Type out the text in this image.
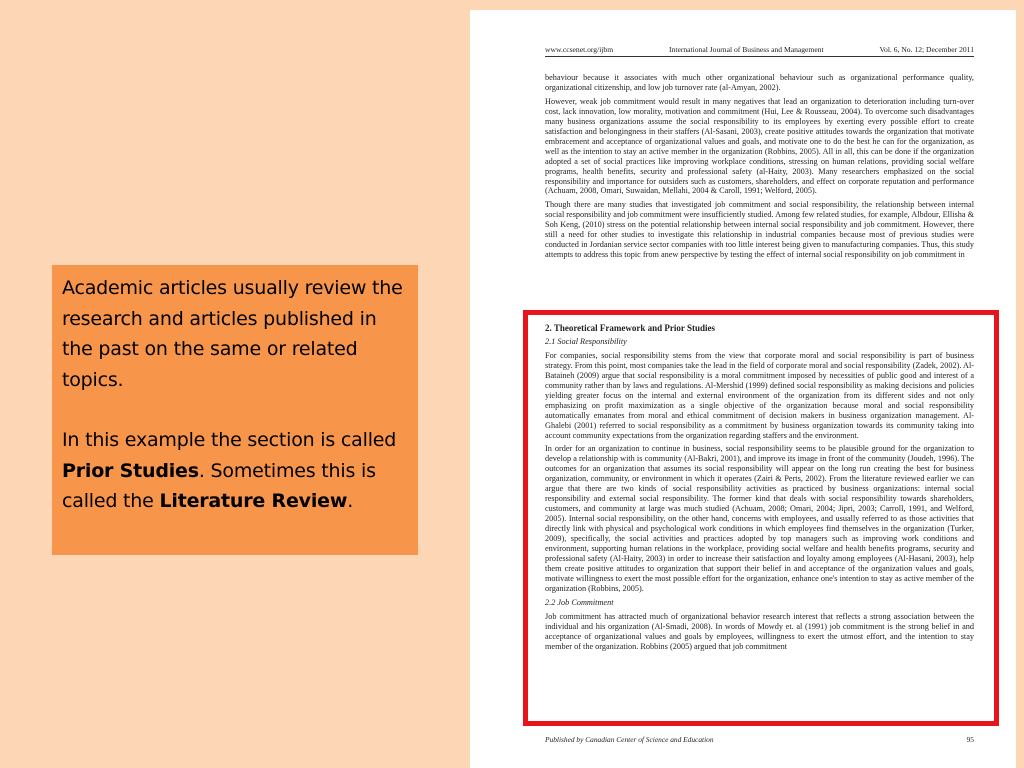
Academic articles usually review the research and articles published in the past on the same or related topics.

In this example the section is called Prior Studies. Sometimes this is called the Literature Review.

www.ccsenet.org/ijbm	International Journal of Business and Management	Vol. 6, No. 12; December 2011

behaviour because it associates with much other organizational behaviour such as organizational performance quality, organizational citizenship, and low job turnover rate (al-Amyan, 2002).

However, weak job commitment would result in many negatives that lead an organization to deterioration including turn-over cost, lack innovation, low morality, motivation and commitment (Hui, Lee & Rousseau, 2004). To overcome such disadvantages many business organizations assume the social responsibility to its employees by exerting every possible effort to create satisfaction and belongingness in their staffers (Al-Sasani, 2003), create positive attitudes towards the organization that motivate embracement and acceptance of organizational values and goals, and motivate one to do the best he can for the organization, as well as the intention to stay an active member in the organization (Robbins, 2005). All in all, this can be done if the organization adopted a set of social practices like improving workplace conditions, stressing on human relations, providing social welfare programs, health benefits, security and professional safety (al-Haity, 2003). Many researchers emphasized on the social responsibility and importance for outsiders such as customers, shareholders, and effect on corporate reputation and performance (Achuam, 2008, Omari, Suwaidan, Mellahi, 2004 & Caroll, 1991; Welford, 2005).

Though there are many studies that investigated job commitment and social responsibility, the relationship between internal social responsibility and job commitment were insufficiently studied. Among few related studies, for example, Albdour, Ellisha & Soh Keng, (2010) stress on the potential relationship between internal social responsibility and job commitment. However, there still a need for other studies to investigate this relationship in industrial companies because most of previous studies were conducted in Jordanian service sector companies with too little interest being given to manufacturing companies. Thus, this study attempts to address this topic from anew perspective by testing the effect of internal social responsibility on job commitment in

2. Theoretical Framework and Prior Studies
2.1 Social Responsibility

For companies, social responsibility stems from the view that corporate moral and social responsibility is part of business strategy. From this point, most companies take the lead in the field of corporate moral and social responsibility (Zadek, 2002). Al-Bataineh (2009) argue that social responsibility is a moral commitment imposed by necessities of public good and interest of a community rather than by laws and regulations. Al-Mershid (1999) defined social responsibility as making decisions and policies yielding greater focus on the internal and external environment of the organization from its different sides and not only emphasizing on profit maximization as a single objective of the organization because moral and social responsibility automatically emanates from moral and ethical commitment of decision makers in business organization management. Al-Ghalebi (2001) referred to social responsibility as a commitment by business organization towards its community taking into account community expectations from the organization regarding staffers and the environment.

In order for an organization to continue in business, social responsibility seems to be plausible ground for the organization to develop a relationship with is community (Al-Bakri, 2001), and improve its image in front of the community (Joudeh, 1996). The outcomes for an organization that assumes its social responsibility will appear on the long run creating the best for business organization, community, or environment in which it operates (Zairi & Perts, 2002). From the literature reviewed earlier we can argue that there are two kinds of social responsibility activities as practiced by business organizations: internal social responsibility and external social responsibility. The former kind that deals with social responsibility towards shareholders, customers, and community at large was much studied (Achuam, 2008; Omari, 2004; Jipri, 2003; Carroll, 1991, and Welford, 2005). Internal social responsibility, on the other hand, concerns with employees, and usually referred to as those activities that directly link with physical and psychological work conditions in which employees find themselves in the organization (Turker, 2009), specifically, the social activities and practices adopted by top managers such as improving work conditions and environment, supporting human relations in the workplace, providing social welfare and health benefits programs, security and professional safety (Al-Haity, 2003) in order to increase their satisfaction and loyalty among employees (Al-Hasani, 2003), help them create positive attitudes to organization that support their belief in and acceptance of the organization values and goals, motivate willingness to exert the most possible effort for the organization, enhance one's intention to stay as active member of the organization (Robbins, 2005).

2.2 Job Commitment

Job commitment has attracted much of organizational behavior research interest that reflects a strong association between the individual and his organization (Al-Smadi, 2008). In words of Mowdy et. al (1991) job commitment is the strong belief in and acceptance of organizational values and goals by employees, willingness to exert the utmost effort, and the intention to stay member of the organization. Robbins (2005) argued that job commitment

Published by Canadian Center of Science and Education	95
